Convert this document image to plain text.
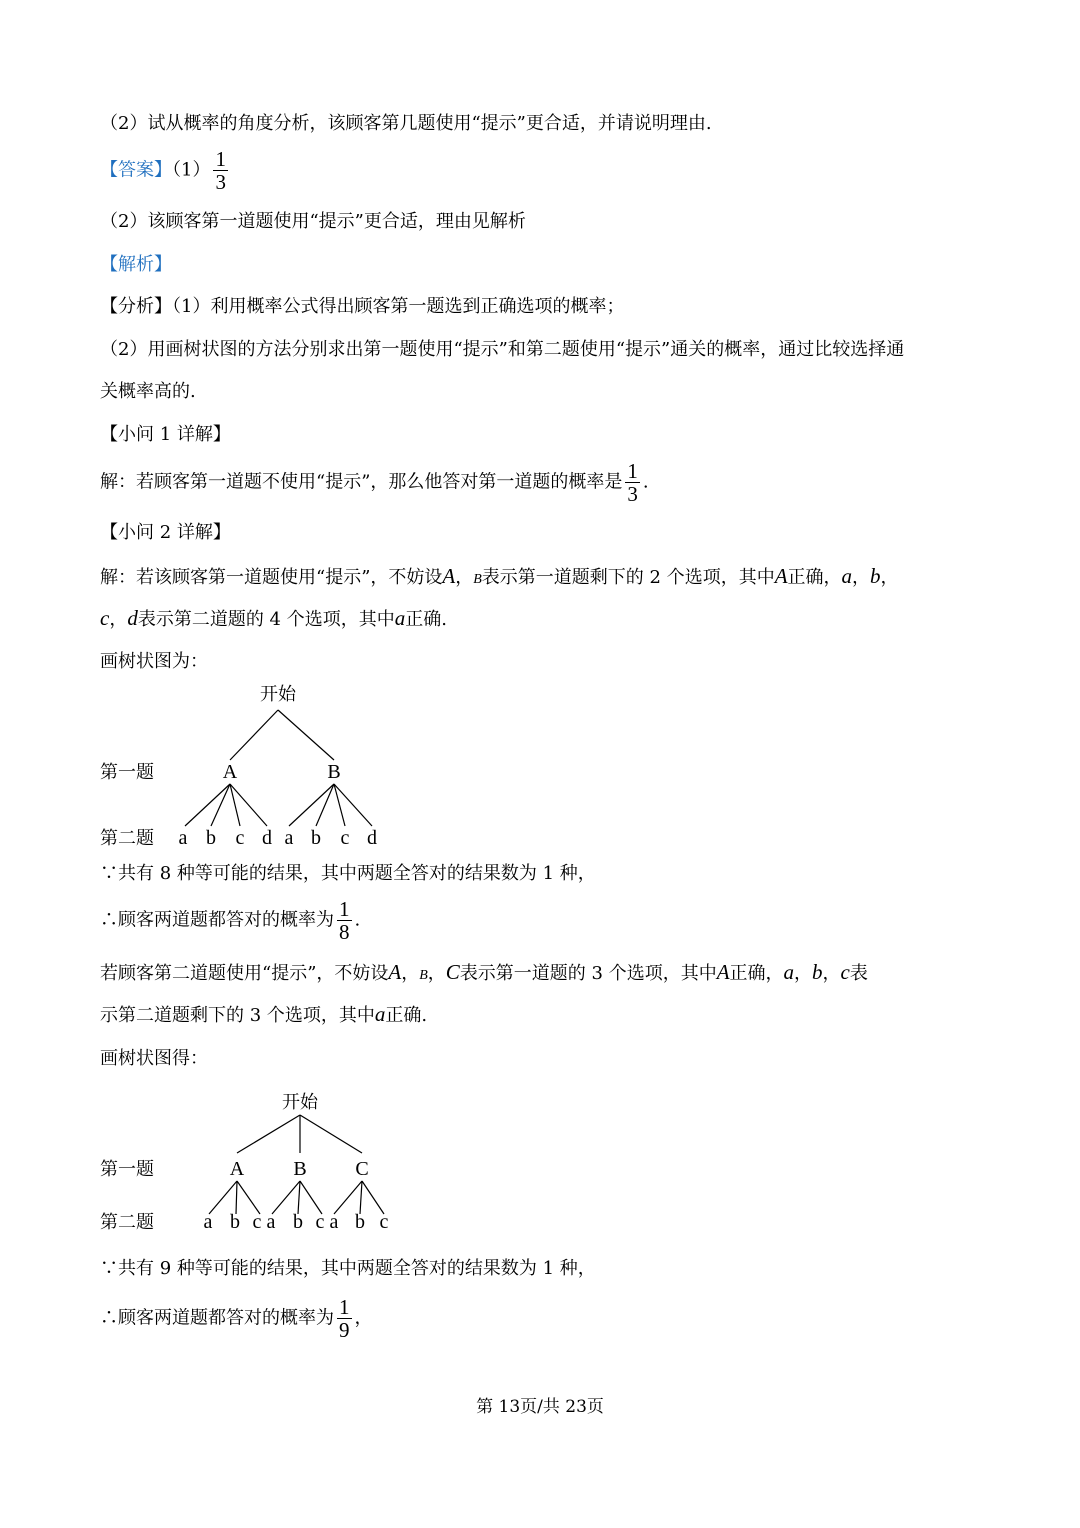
（2）试从概率的角度分析，该顾客第几题使用“提示”更合适，并请说明理由.
【答案】$(1) \frac{1}{3}$
（2）该顾客第一道题使用“提示”更合适，理由见解析
【解析】
【分析】（1）利用概率公式得出顾客第一题选到正确选项的概率；
（2）用画树状图的方法分别求出第一题使用“提示”和第二题使用“提示”通关的概率，通过比较选择通
关概率高的.
【小问 1 详解】
解：若顾客第一道题不使用“提示”，那么他答对第一道题的概率是 $\frac{1}{3}$ .
【小问 2 详解】
解：若该顾客第一道题使用“提示”，不妨设A，B表示第一道题剩下的 2 个选项，其中A正确，a，b，
c，d表示第二道题的 4 个选项，其中a正确.
画树状图为：
开始
第一题	A	B
第二题 a b c d a b c d
∵共有 8 种等可能的结果，其中两题全答对的结果数为 1 种，
∴顾客两道题都答对的概率为 $\frac{1}{8}$ .
若顾客第二道题使用“提示”，不妨设A，B，C表示第一道题的 3 个选项，其中A正确，a，b，c表
示第二道题剩下的 3 个选项，其中a正确.
画树状图得：
开始
第一题	A B C
第二题 a b c a b c a b c
∵共有 9 种等可能的结果，其中两题全答对的结果数为 1 种，
∴顾客两道题都答对的概率为 $\frac{1}{9}$ ，
第 13页/共 23页
